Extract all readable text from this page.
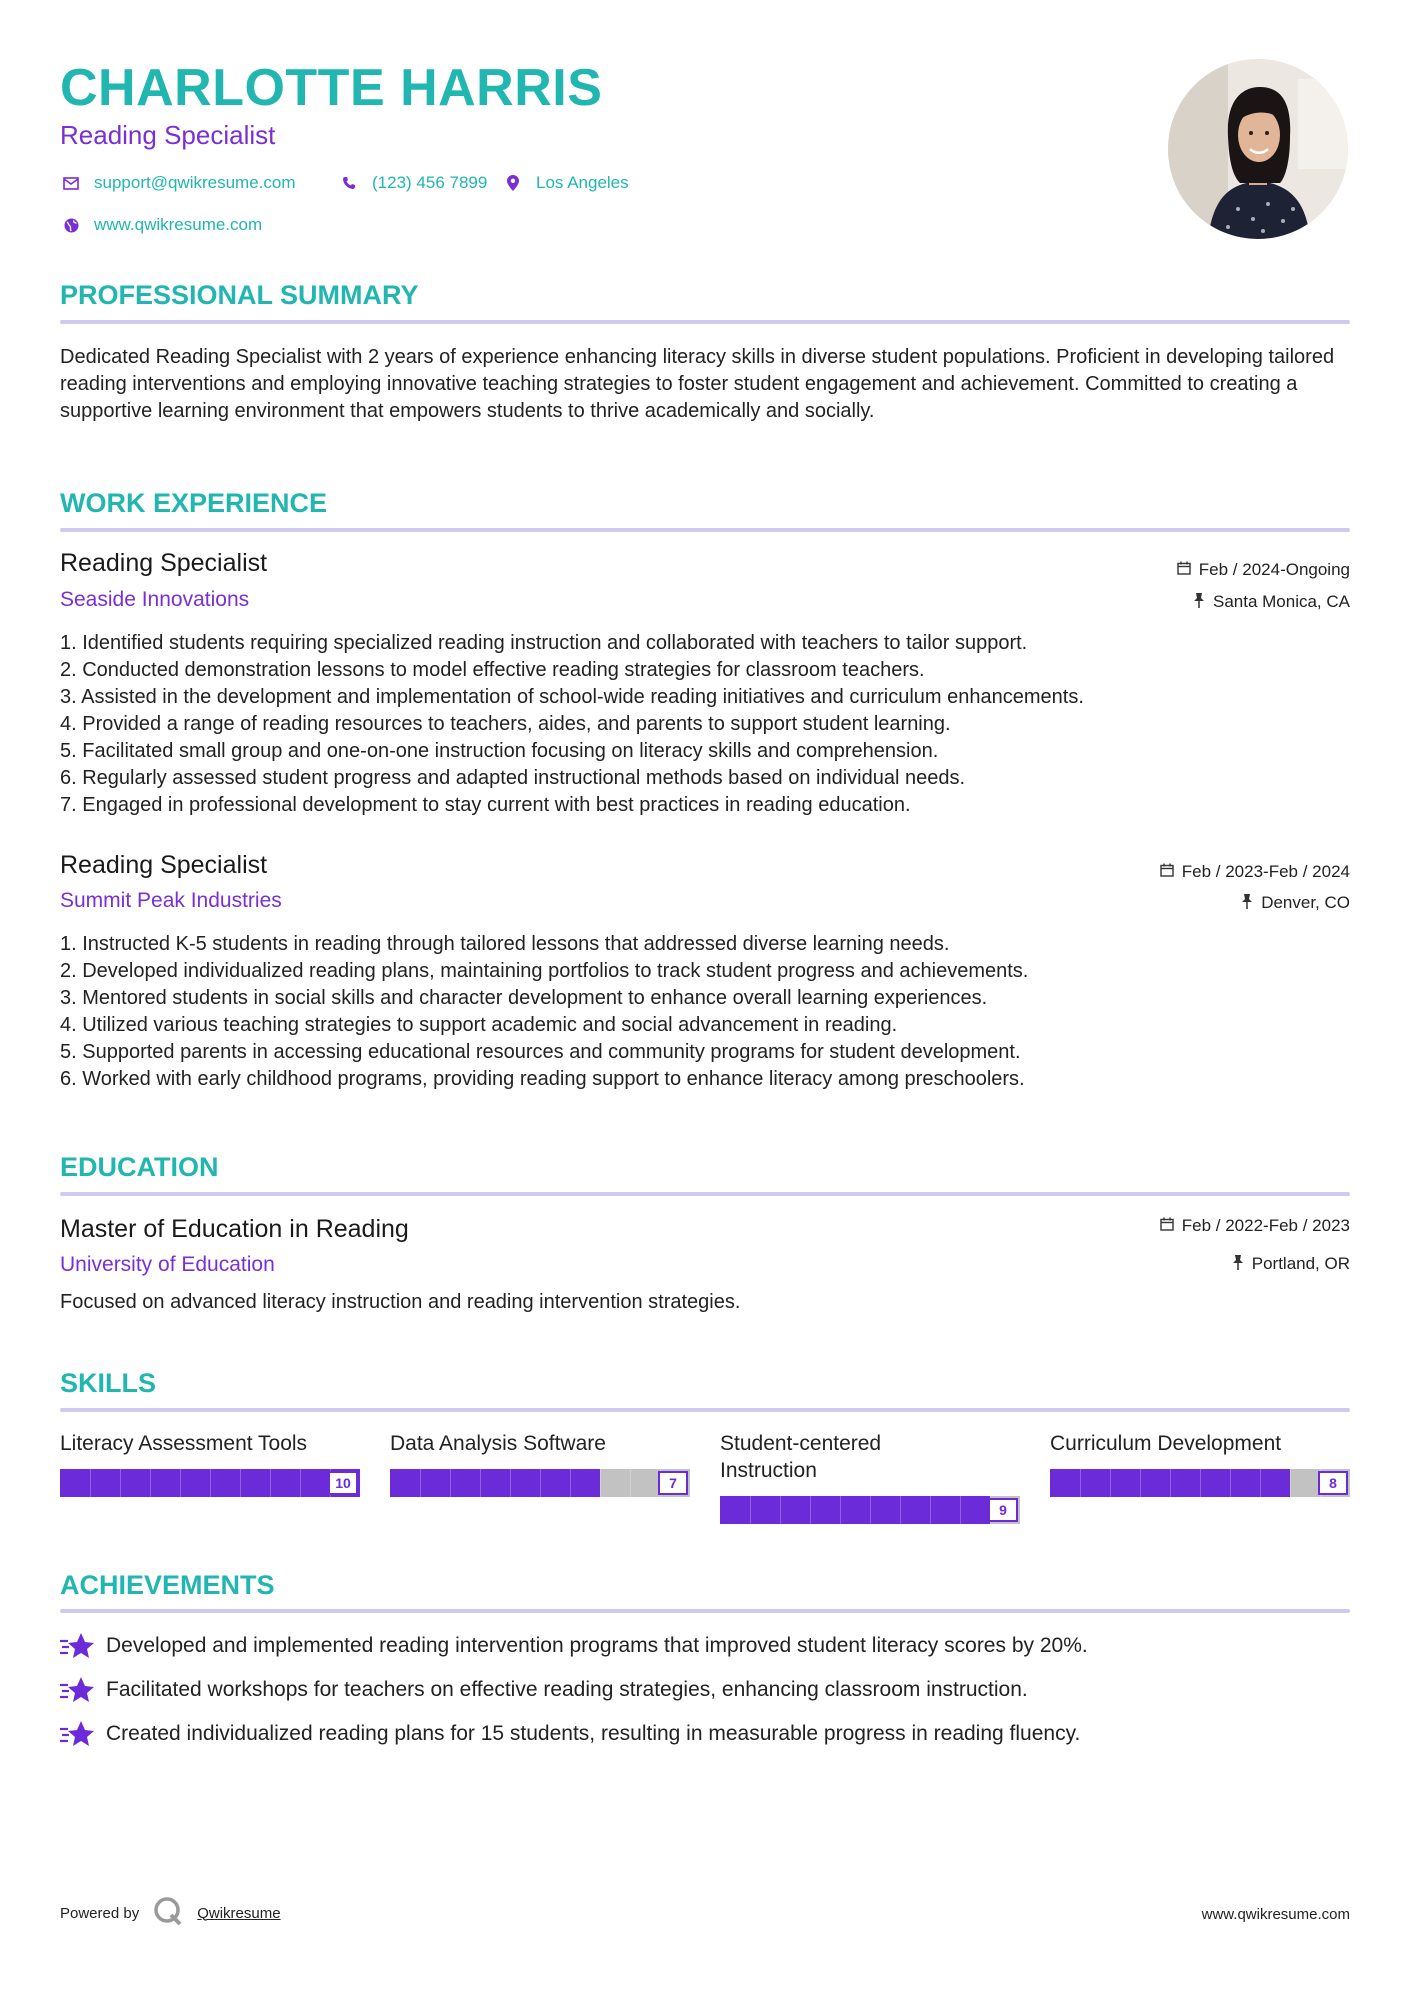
CHARLOTTE HARRIS
Reading Specialist
support@qwikresume.com	(123) 456 7899	Los Angeles
www.qwikresume.com
PROFESSIONAL SUMMARY
Dedicated Reading Specialist with 2 years of experience enhancing literacy skills in diverse student populations. Proficient in developing tailored reading interventions and employing innovative teaching strategies to foster student engagement and achievement. Committed to creating a supportive learning environment that empowers students to thrive academically and socially.
WORK EXPERIENCE
Reading Specialist
Seaside Innovations
Feb / 2024-Ongoing
Santa Monica, CA
1. Identified students requiring specialized reading instruction and collaborated with teachers to tailor support.
2. Conducted demonstration lessons to model effective reading strategies for classroom teachers.
3. Assisted in the development and implementation of school-wide reading initiatives and curriculum enhancements.
4. Provided a range of reading resources to teachers, aides, and parents to support student learning.
5. Facilitated small group and one-on-one instruction focusing on literacy skills and comprehension.
6. Regularly assessed student progress and adapted instructional methods based on individual needs.
7. Engaged in professional development to stay current with best practices in reading education.
Reading Specialist
Summit Peak Industries
Feb / 2023-Feb / 2024
Denver, CO
1. Instructed K-5 students in reading through tailored lessons that addressed diverse learning needs.
2. Developed individualized reading plans, maintaining portfolios to track student progress and achievements.
3. Mentored students in social skills and character development to enhance overall learning experiences.
4. Utilized various teaching strategies to support academic and social advancement in reading.
5. Supported parents in accessing educational resources and community programs for student development.
6. Worked with early childhood programs, providing reading support to enhance literacy among preschoolers.
EDUCATION
Master of Education in Reading
University of Education
Feb / 2022-Feb / 2023
Portland, OR
Focused on advanced literacy instruction and reading intervention strategies.
SKILLS
Literacy Assessment Tools
10
Data Analysis Software
7
Student-centered Instruction
9
Curriculum Development
8
ACHIEVEMENTS
Developed and implemented reading intervention programs that improved student literacy scores by 20%.
Facilitated workshops for teachers on effective reading strategies, enhancing classroom instruction.
Created individualized reading plans for 15 students, resulting in measurable progress in reading fluency.
Powered by	Qwikresume	www.qwikresume.com
